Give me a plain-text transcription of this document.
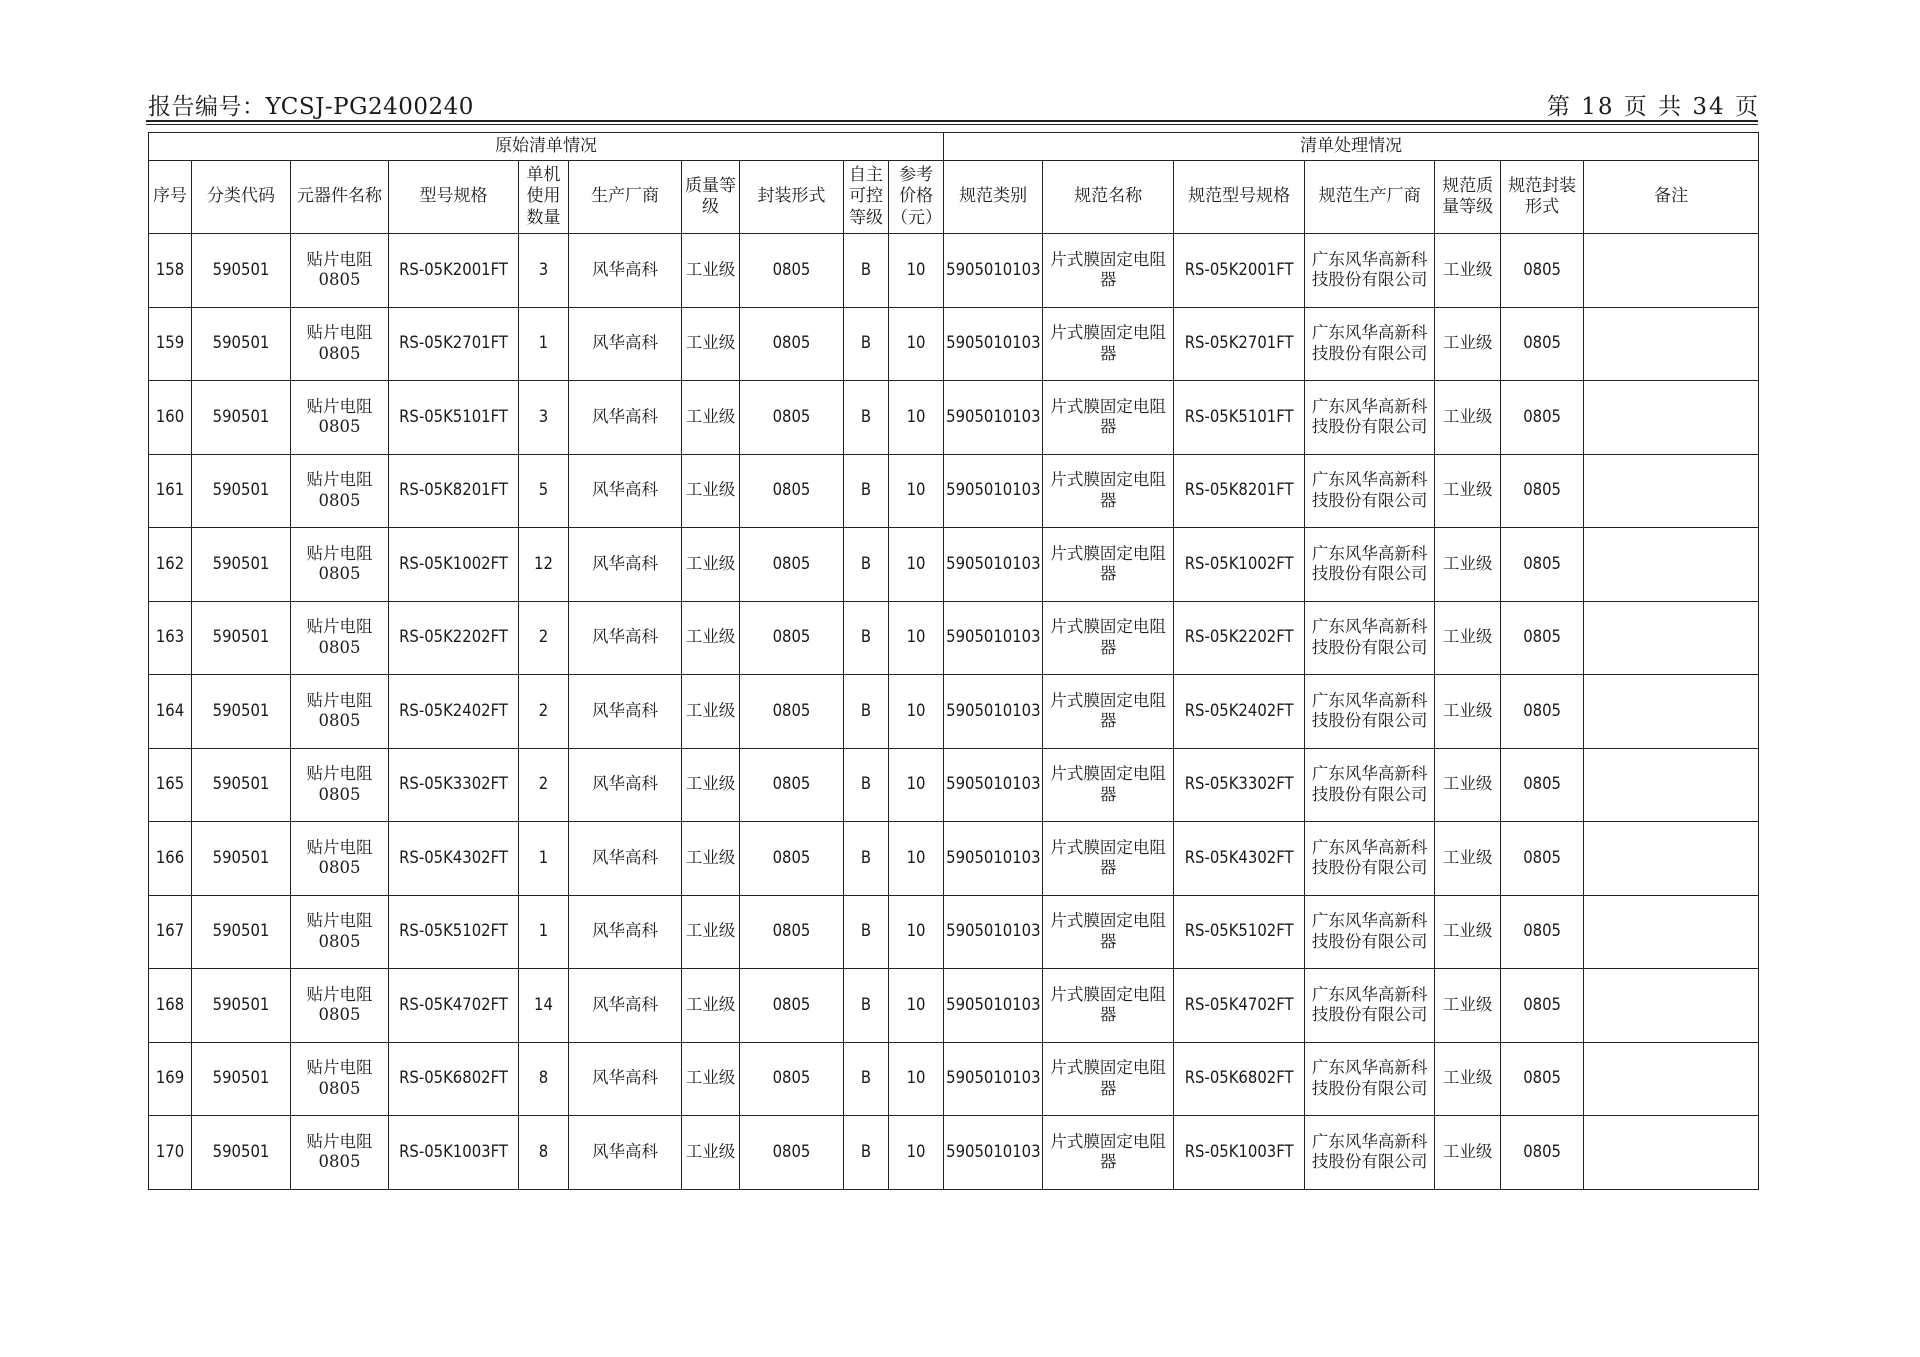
报告编号：YCSJ-PG2400240	第 18 页 共 34 页
原始清单情况										清单处理情况						
序号	分类代码	元器件名称	型号规格	单机使用数量	生产厂商	质量等级	封装形式	自主可控等级	参考价格（元）	规范类别	规范名称	规范型号规格	规范生产厂商	规范质量等级	规范封装形式	备注
158	590501	贴片电阻0805	RS-05K2001FT	3	风华高科	工业级	0805	B	10	5905010103	片式膜固定电阻器	RS-05K2001FT	广东风华高新科技股份有限公司	工业级	0805	
159	590501	贴片电阻0805	RS-05K2701FT	1	风华高科	工业级	0805	B	10	5905010103	片式膜固定电阻器	RS-05K2701FT	广东风华高新科技股份有限公司	工业级	0805	
160	590501	贴片电阻0805	RS-05K5101FT	3	风华高科	工业级	0805	B	10	5905010103	片式膜固定电阻器	RS-05K5101FT	广东风华高新科技股份有限公司	工业级	0805	
161	590501	贴片电阻0805	RS-05K8201FT	5	风华高科	工业级	0805	B	10	5905010103	片式膜固定电阻器	RS-05K8201FT	广东风华高新科技股份有限公司	工业级	0805	
162	590501	贴片电阻0805	RS-05K1002FT	12	风华高科	工业级	0805	B	10	5905010103	片式膜固定电阻器	RS-05K1002FT	广东风华高新科技股份有限公司	工业级	0805	
163	590501	贴片电阻0805	RS-05K2202FT	2	风华高科	工业级	0805	B	10	5905010103	片式膜固定电阻器	RS-05K2202FT	广东风华高新科技股份有限公司	工业级	0805	
164	590501	贴片电阻0805	RS-05K2402FT	2	风华高科	工业级	0805	B	10	5905010103	片式膜固定电阻器	RS-05K2402FT	广东风华高新科技股份有限公司	工业级	0805	
165	590501	贴片电阻0805	RS-05K3302FT	2	风华高科	工业级	0805	B	10	5905010103	片式膜固定电阻器	RS-05K3302FT	广东风华高新科技股份有限公司	工业级	0805	
166	590501	贴片电阻0805	RS-05K4302FT	1	风华高科	工业级	0805	B	10	5905010103	片式膜固定电阻器	RS-05K4302FT	广东风华高新科技股份有限公司	工业级	0805	
167	590501	贴片电阻0805	RS-05K5102FT	1	风华高科	工业级	0805	B	10	5905010103	片式膜固定电阻器	RS-05K5102FT	广东风华高新科技股份有限公司	工业级	0805	
168	590501	贴片电阻0805	RS-05K4702FT	14	风华高科	工业级	0805	B	10	5905010103	片式膜固定电阻器	RS-05K4702FT	广东风华高新科技股份有限公司	工业级	0805	
169	590501	贴片电阻0805	RS-05K6802FT	8	风华高科	工业级	0805	B	10	5905010103	片式膜固定电阻器	RS-05K6802FT	广东风华高新科技股份有限公司	工业级	0805	
170	590501	贴片电阻0805	RS-05K1003FT	8	风华高科	工业级	0805	B	10	5905010103	片式膜固定电阻器	RS-05K1003FT	广东风华高新科技股份有限公司	工业级	0805	
